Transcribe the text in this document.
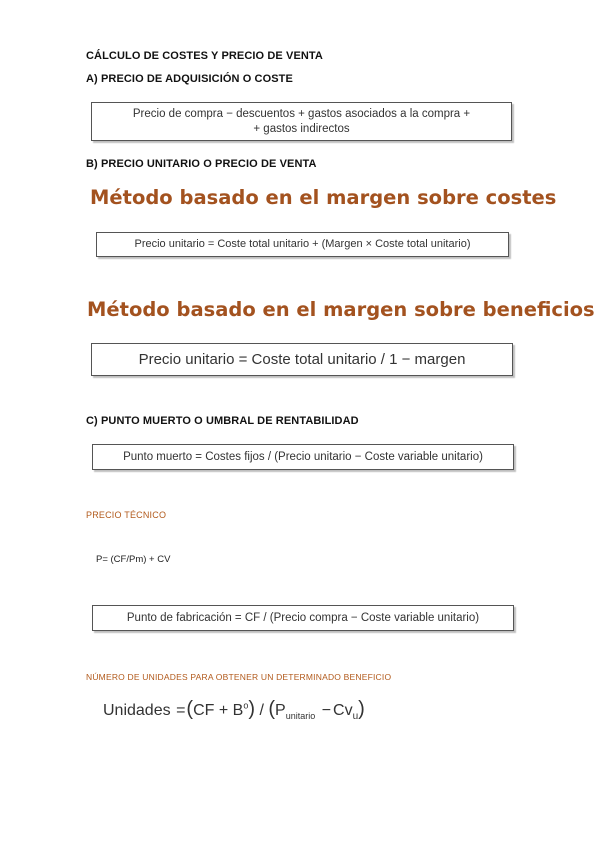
CÁLCULO DE COSTES Y PRECIO DE VENTA
A) PRECIO DE ADQUISICIÓN O COSTE
Precio de compra − descuentos + gastos asociados a la compra +
+ gastos indirectos
B) PRECIO UNITARIO O PRECIO DE VENTA
Método basado en el margen sobre costes
Precio unitario = Coste total unitario + (Margen × Coste total unitario)
Método basado en el margen sobre beneficios
Precio unitario = Coste total unitario / 1 − margen
C) PUNTO MUERTO O UMBRAL DE RENTABILIDAD
Punto muerto = Costes fijos / (Precio unitario − Coste variable unitario)
PRECIO TÉCNICO
P= (CF/Pm) + CV
Punto de fabricación = CF / (Precio compra − Coste variable unitario)
NÚMERO DE UNIDADES PARA OBTENER UN DETERMINADO BENEFICIO
Unidades $=(CF + B^o) / (P_{unitario} - Cv_u)$
